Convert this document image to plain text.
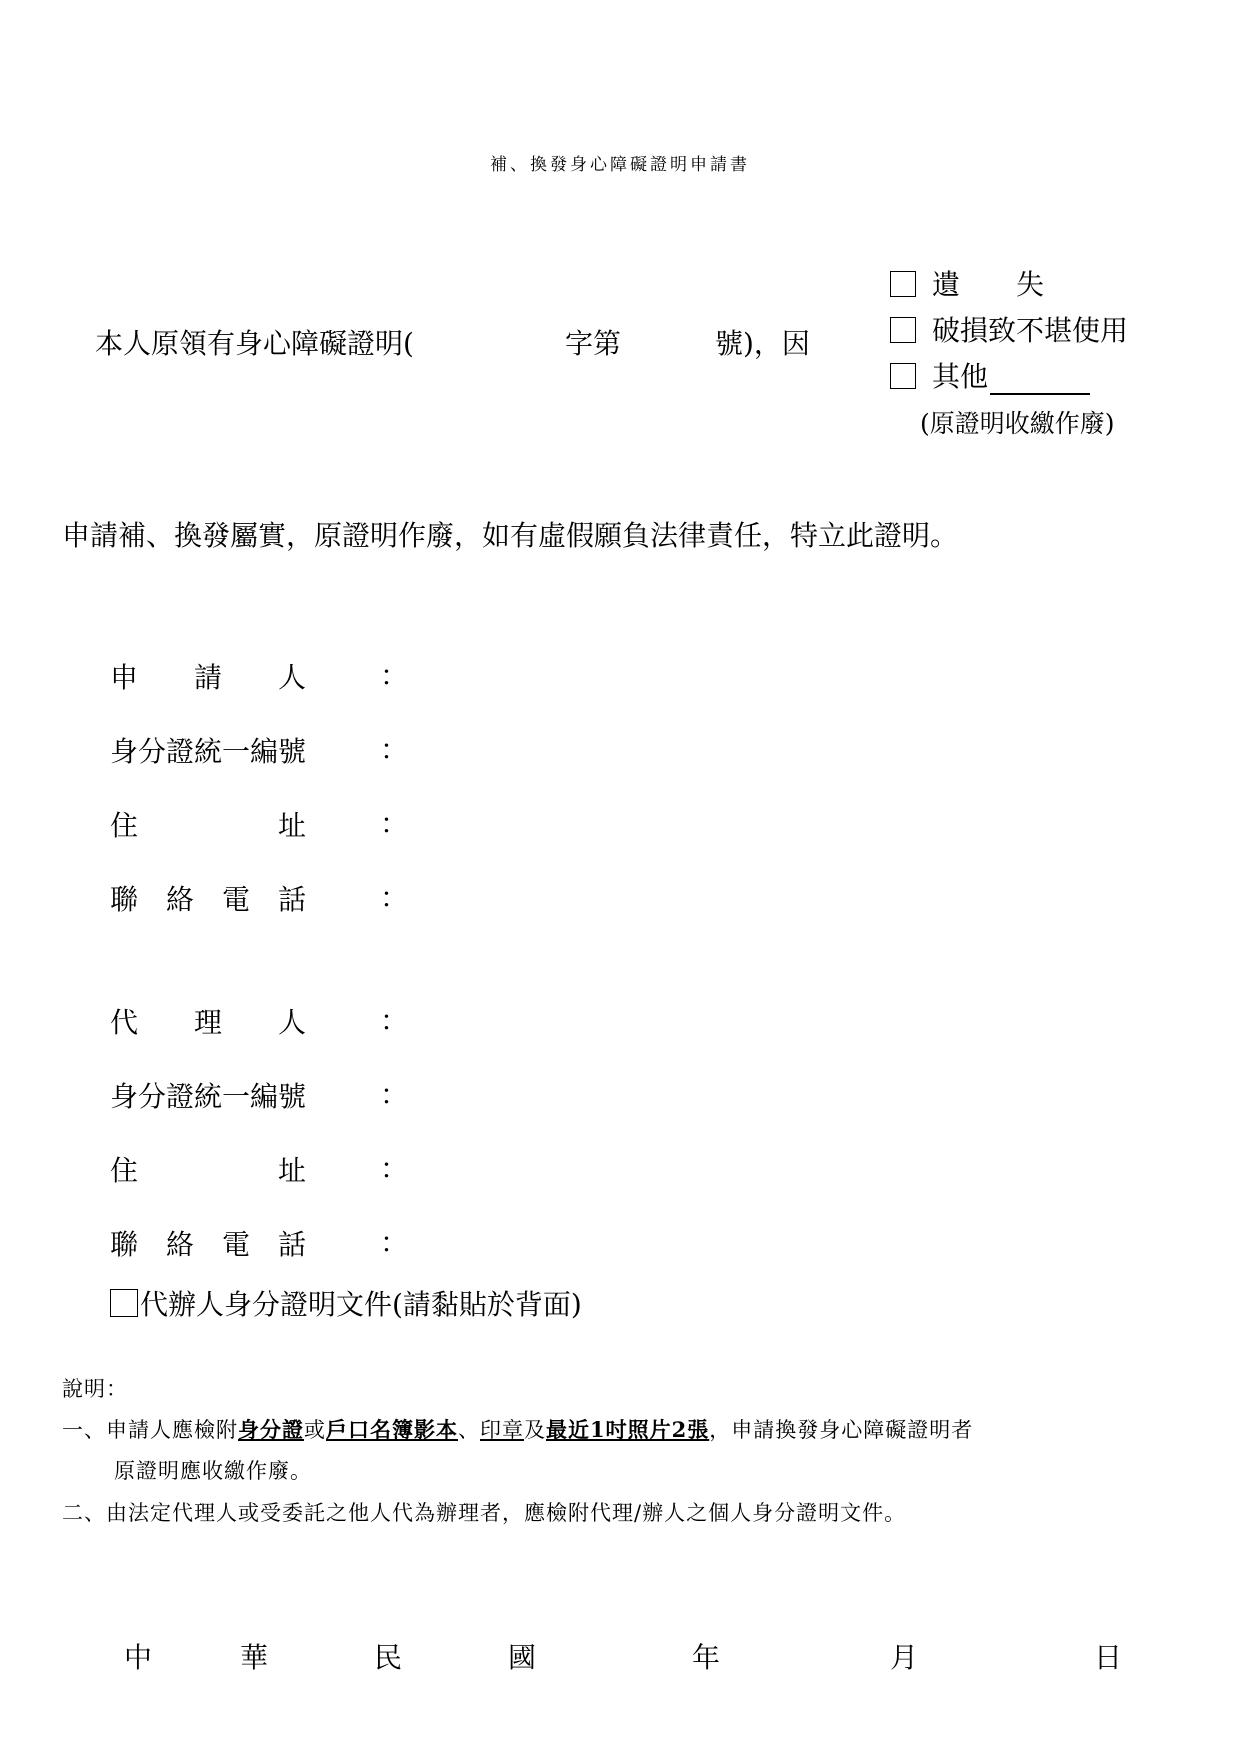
補、換發身心障礙證明申請書
本人原領有身心障礙證明(	字第	號)，因
遺　　失
破損致不堪使用
其他
(原證明收繳作廢)
申請補、換發屬實，原證明作廢，如有虛假願負法律責任，特立此證明。
申　　請　　人	：
身分證統一編號	：
住　　　　　址	：
聯　絡　電　話	：
代　　理　　人	：
身分證統一編號	：
住　　　　　址	：
聯　絡　電　話	：
代辦人身分證明文件(請黏貼於背面)
說明：
一、申請人應檢附身分證或戶口名簿影本、印章及最近1吋照片2張，申請換發身心障礙證明者
原證明應收繳作廢。
二、由法定代理人或受委託之他人代為辦理者，應檢附代理/辦人之個人身分證明文件。
中	華	民	國	年	月	日
